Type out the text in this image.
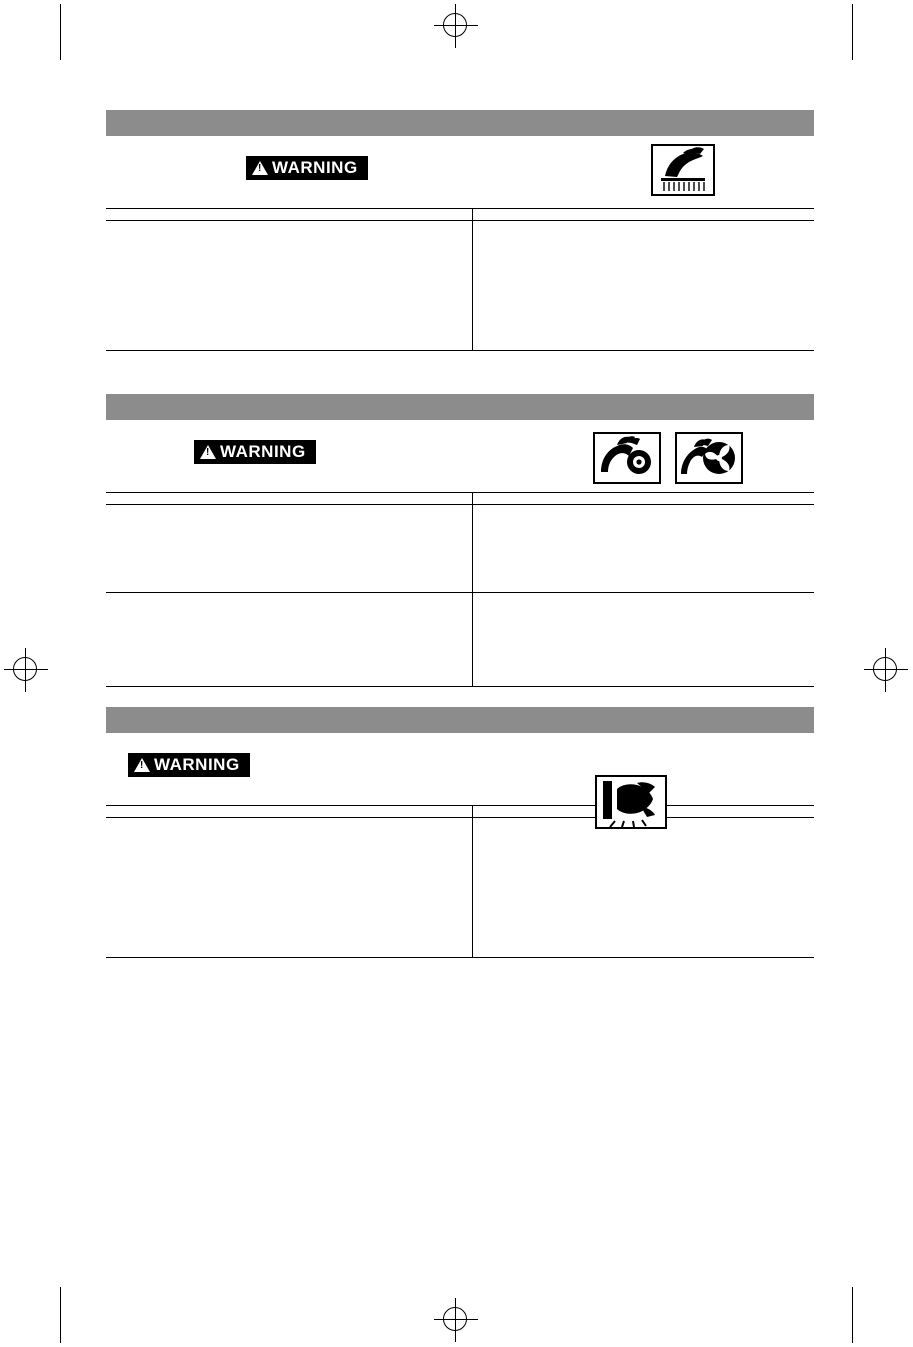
!
WARNING

!
WARNING

!
WARNING
